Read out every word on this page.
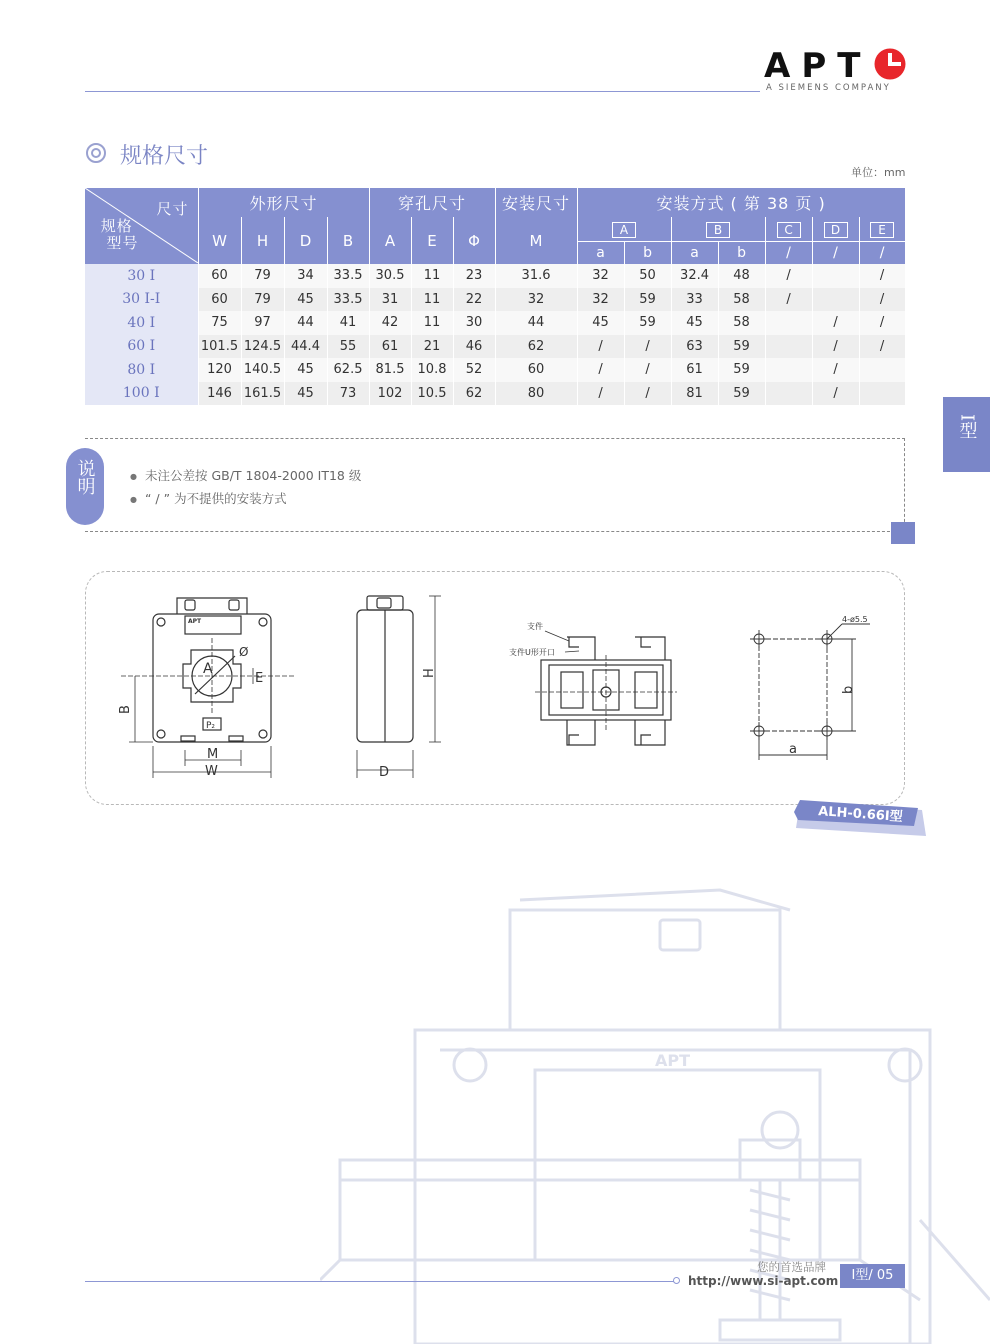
APT
A SIEMENS COMPANY
规格尺寸
单位：mm
尺寸
规格
型号	外形尺寸				穿孔尺寸			安装尺寸	安装方式 ( 第 38 页 )						
	W	H	D	B	A	E	Φ	M	A		B		C	D	E
									a	b	a	b	/	/	/
30 I	60	79	34	33.5	30.5	11	23	31.6	32	50	32.4	48	/		/
30 I-I	60	79	45	33.5	31	11	22	32	32	59	33	58	/		/
40 I	75	97	44	41	42	11	30	44	45	59	45	58		/	/
60 I	101.5	124.5	44.4	55	61	21	46	62	/	/	63	59		/	/
80 I	120	140.5	45	62.5	81.5	10.8	52	60	/	/	61	59		/	
100 I	146	161.5	45	73	102	10.5	62	80	/	/	81	59		/	
I型
说明	● 未注公差按 GB/T 1804-2000 IT18 级
● “ / ” 为不提供的安装方式
B
A
Ø
E
M
W
P₂
APT
H
D
支件
支件U形开口
4-ø5.5
b
a
ALH-0.66I型
APT
您的首选品牌
http://www.si-apt.com	I型/ 05
